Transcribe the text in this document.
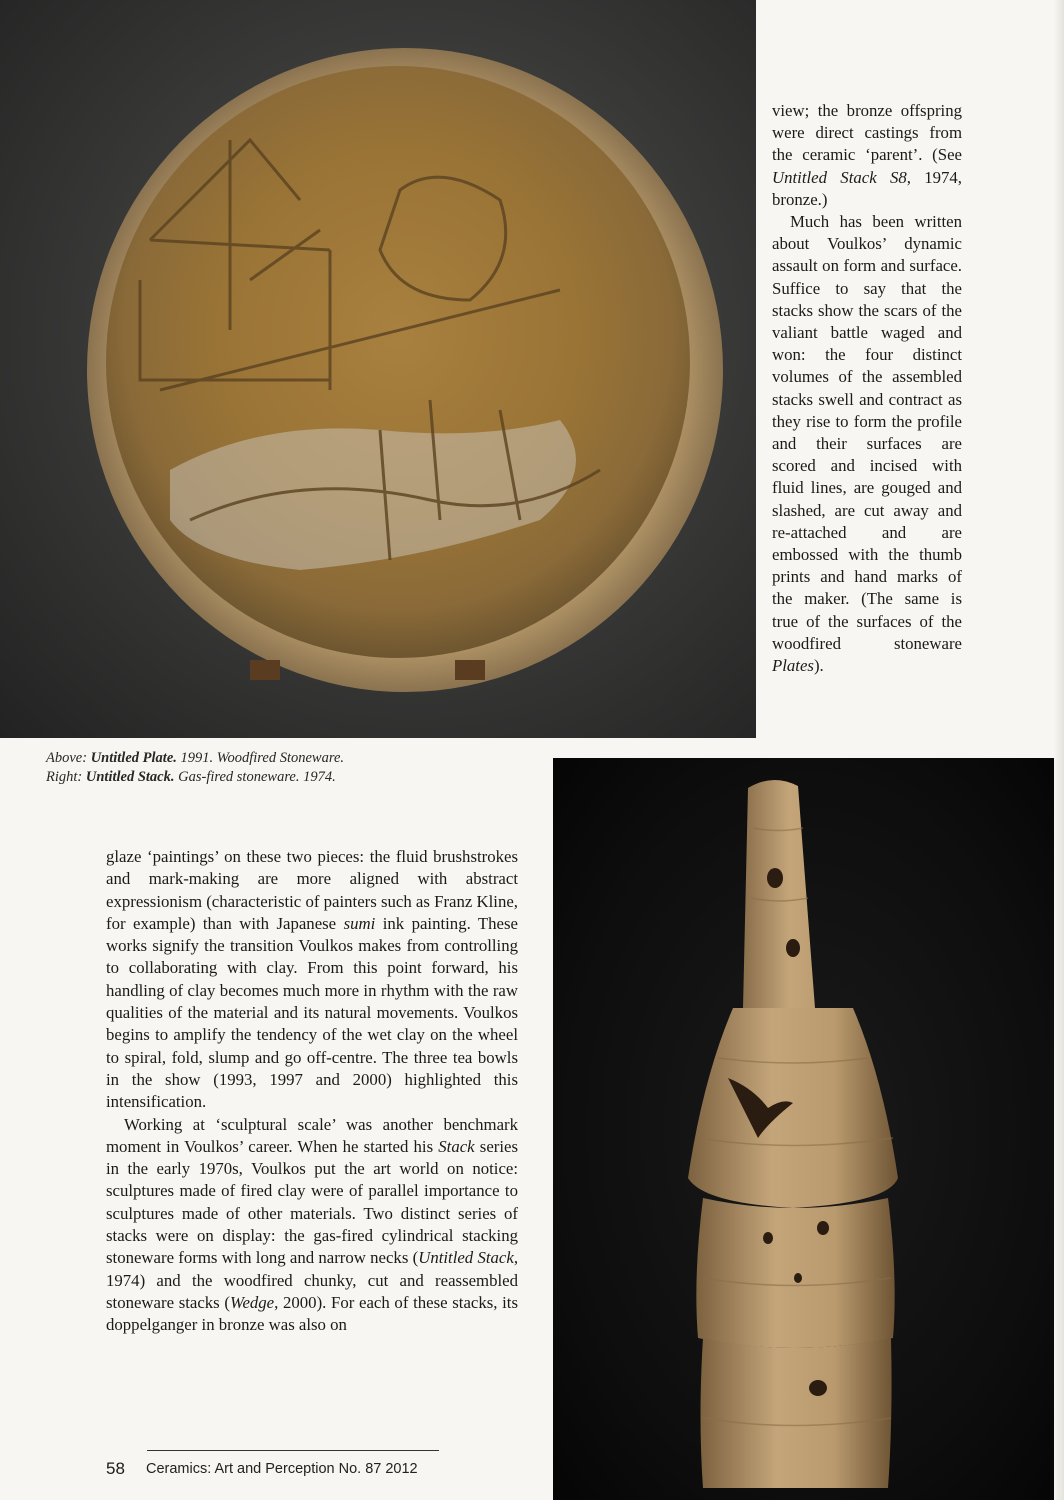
view; the bronze offspring were direct castings from the ceramic ‘parent’. (See Untitled Stack S8, 1974, bronze.)

Much has been written about Voulkos’ dynamic assault on form and surface. Suffice to say that the stacks show the scars of the valiant battle waged and won: the four distinct volumes of the assembled stacks swell and contract as they rise to form the profile and their surfaces are scored and incised with fluid lines, are gouged and slashed, are cut away and re-attached and are embossed with the thumb prints and hand marks of the maker. (The same is true of the surfaces of the woodfired stoneware Plates).

Above: Untitled Plate. 1991. Woodfired Stoneware.
Right: Untitled Stack. Gas-fired stoneware. 1974.

glaze ‘paintings’ on these two pieces: the fluid brushstrokes and mark-making are more aligned with abstract expressionism (characteristic of painters such as Franz Kline, for example) than with Japanese sumi ink painting. These works signify the transition Voulkos makes from controlling to collaborating with clay. From this point forward, his handling of clay becomes much more in rhythm with the raw qualities of the material and its natural movements. Voulkos begins to amplify the tendency of the wet clay on the wheel to spiral, fold, slump and go off-centre. The three tea bowls in the show (1993, 1997 and 2000) highlighted this intensification.

Working at ‘sculptural scale’ was another benchmark moment in Voulkos’ career. When he started his Stack series in the early 1970s, Voulkos put the art world on notice: sculptures made of fired clay were of parallel importance to sculptures made of other materials. Two distinct series of stacks were on display: the gas-fired cylindrical stacking stoneware forms with long and narrow necks (Untitled Stack, 1974) and the woodfired chunky, cut and reassembled stoneware stacks (Wedge, 2000). For each of these stacks, its doppelganger in bronze was also on

58 Ceramics: Art and Perception No. 87 2012
